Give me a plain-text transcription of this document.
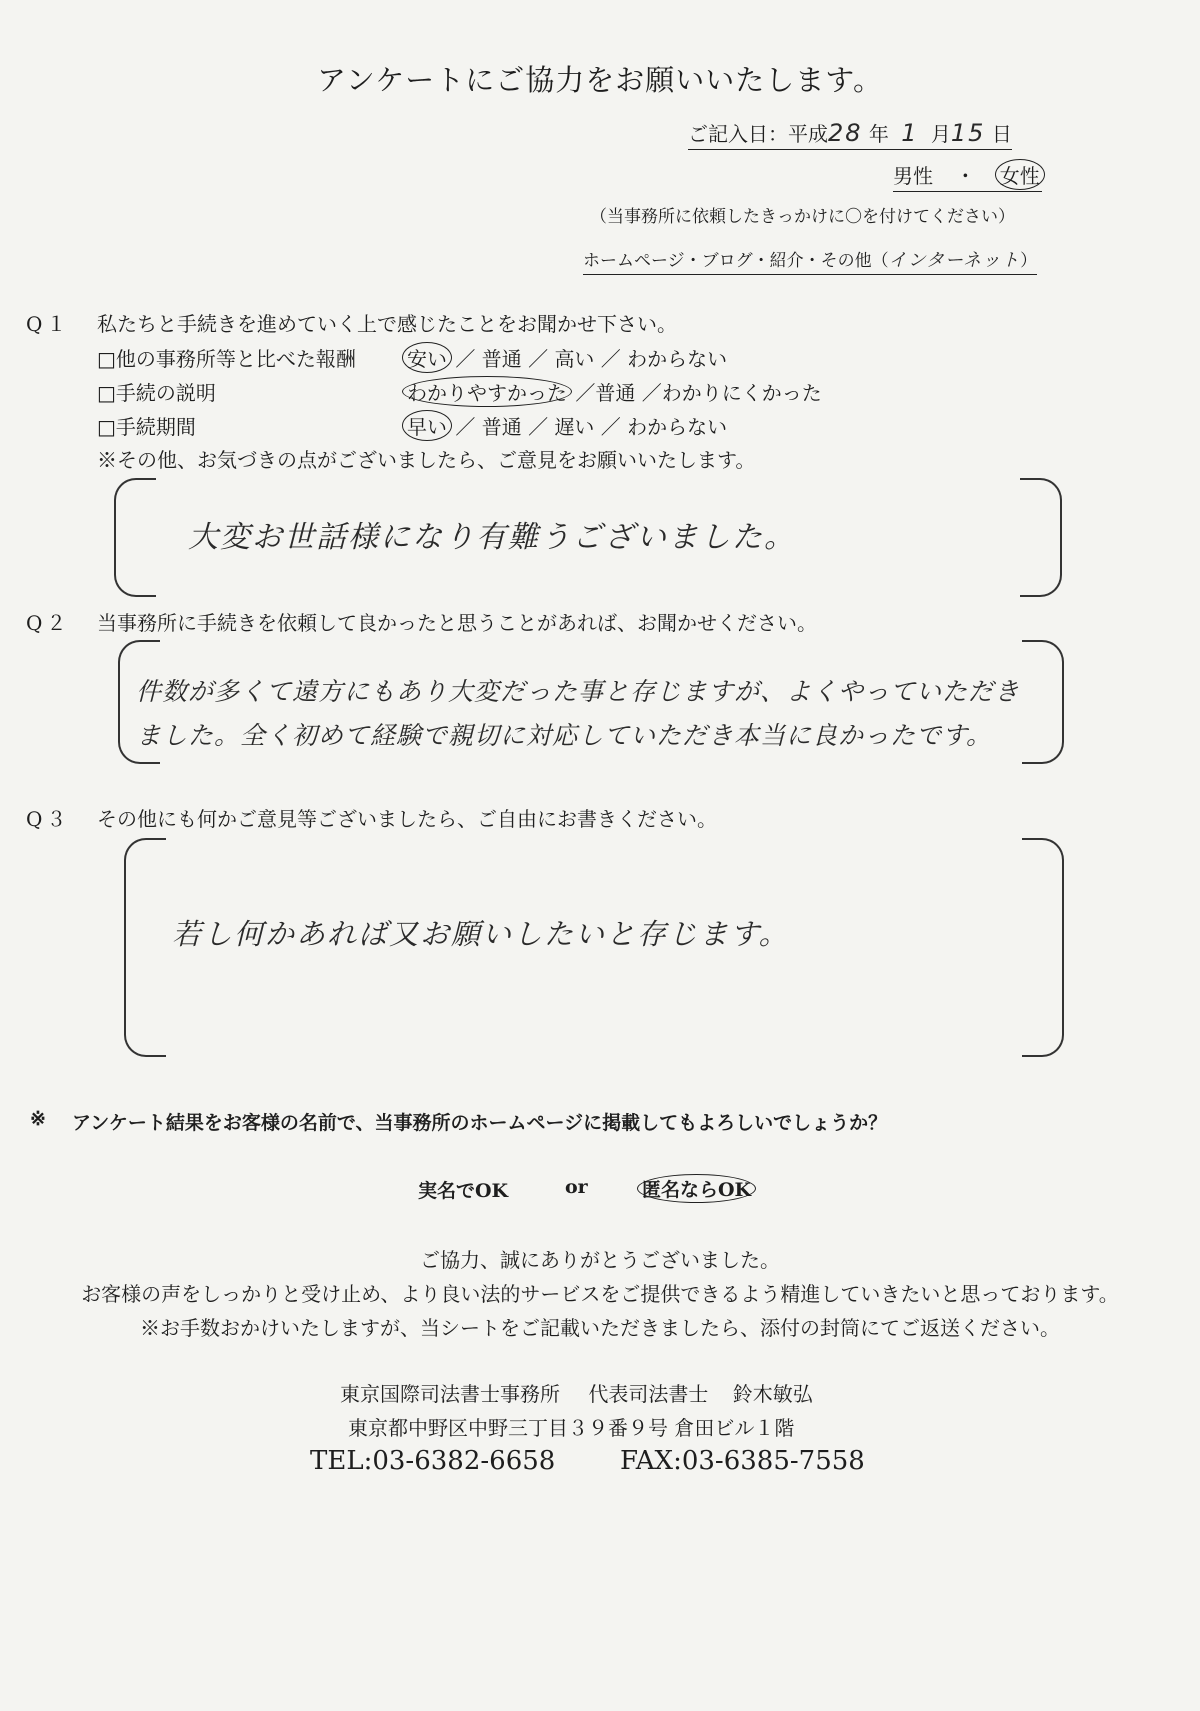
アンケートにご協力をお願いいたします。
ご記入日：平成28 年 1 月15 日
男性 ・ 女性
（当事務所に依頼したきっかけに〇を付けてください）
ホームページ・ブログ・紹介・その他（インターネット）
Q１ 私たちと手続きを進めていく上で感じたことをお聞かせ下さい。
□他の事務所等と比べた報酬	安い ／ 普通 ／ 高い ／ わからない
□手続の説明	わかりやすかった ／普通 ／わかりにくかった
□手続期間	早い ／ 普通 ／ 遅い ／ わからない
※その他、お気づきの点がございましたら、ご意見をお願いいたします。
大変お世話様になり有難うございました。
Q２ 当事務所に手続きを依頼して良かったと思うことがあれば、お聞かせください。
件数が多くて遠方にもあり大変だった事と存じますが、よくやっていただき
ました。全く初めて経験で親切に対応していただき本当に良かったです。
Q３ その他にも何かご意見等ございましたら、ご自由にお書きください。
若し何かあれば又お願いしたいと存じます。
※ アンケート結果をお客様の名前で、当事務所のホームページに掲載してもよろしいでしょうか？
実名でOK	or	匿名ならOK
ご協力、誠にありがとうございました。
お客様の声をしっかりと受け止め、より良い法的サービスをご提供できるよう精進していきたいと思っております。
※お手数おかけいたしますが、当シートをご記載いただきましたら、添付の封筒にてご返送ください。
東京国際司法書士事務所 代表司法書士 鈴木敏弘
東京都中野区中野三丁目３９番９号 倉田ビル１階
TEL:03-6382-6658 FAX:03-6385-7558
